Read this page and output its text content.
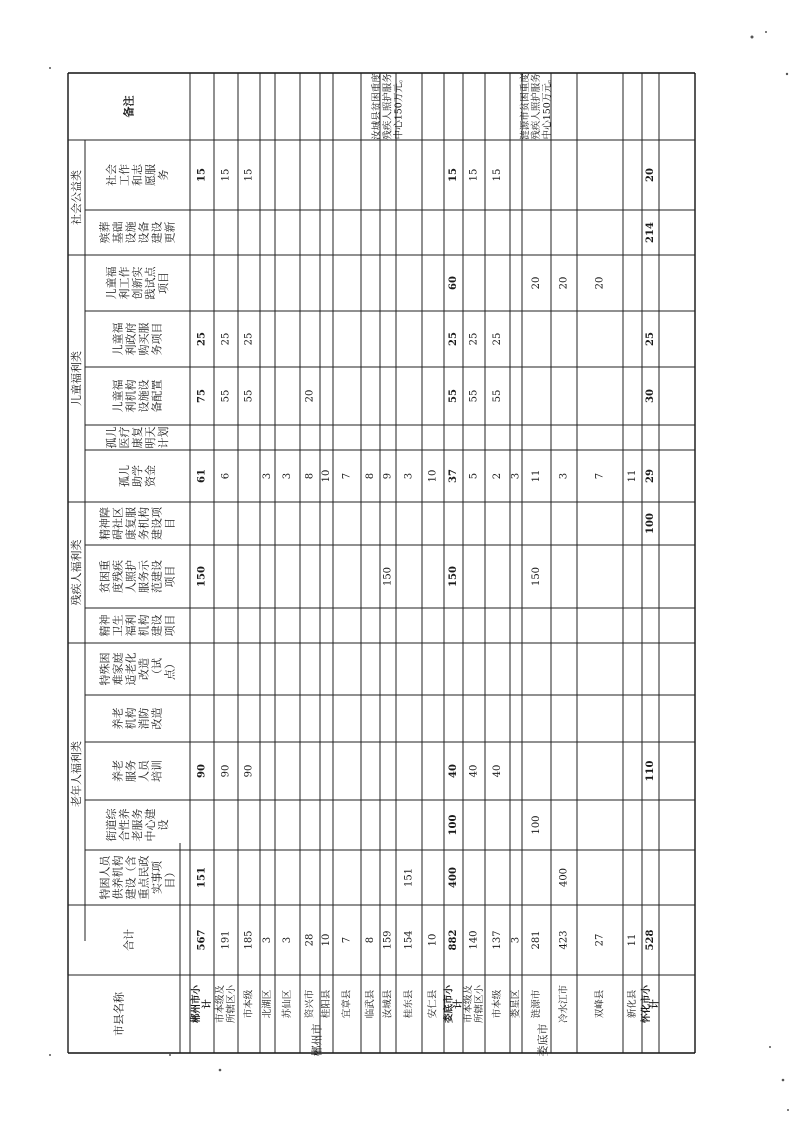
社会公益类
儿童福利类
残疾人福利类
老年人福利类
备注
合计
市县名称
社会 工作 和志 愿服 务
殡葬 基础 设施 设备 建设 更新
儿童福 利工作 创新实 践试点 项目
儿童福 利政府 购买服 务项目
儿童福 利机构 设施设 备配置
孤儿 医疗 康复 明天 计划
孤儿 助学 资金
精神障 碍社区 康复服 务机构 建设项 目
贫困重 度残疾 人照护 服务示 范建设 项目
精神 卫生 福利 机构 建设 项目
特殊困 难家庭 适老化 改造 （试 点）
养老 机构 消防 改造
养老 服务 人员 培训
街道综 合性养 老服务 中心建 设
特困人员 供养机构 建设（含 重点民政 实事项 目）
郴州市小 计
15
25
75
61
150
90
151
567
市本级及 所辖区小
15
25
55
6
90
191
市本级
15
25
55
90
185
北湖区
3
3
苏仙区
3
3
资兴市
20
8
28
桂阳县
10
10
宜章县
7
7
临武县
8
8
汝城县
9
150
159
汝城县贫困重度 残疾人照护服务 中心150万元。
桂东县
3
151
154
安仁县
10
10
娄底市小
计
15
60
25
55
37
150
40
100
400
882
市本级及 所辖区小
15
25
55
5
40
140
市本级
15
25
55
2
40
137
娄星区
3
3
涟源市
20
11
150
100
281
涟源市贫困重度 残疾人照护服务 中心150万元。
冷水江市
20
3
400
423
双峰县
20
7
27
新化县
11
11
怀化市小
计
20
214
25
30
29
100
110
528
郴州市	娄底市
